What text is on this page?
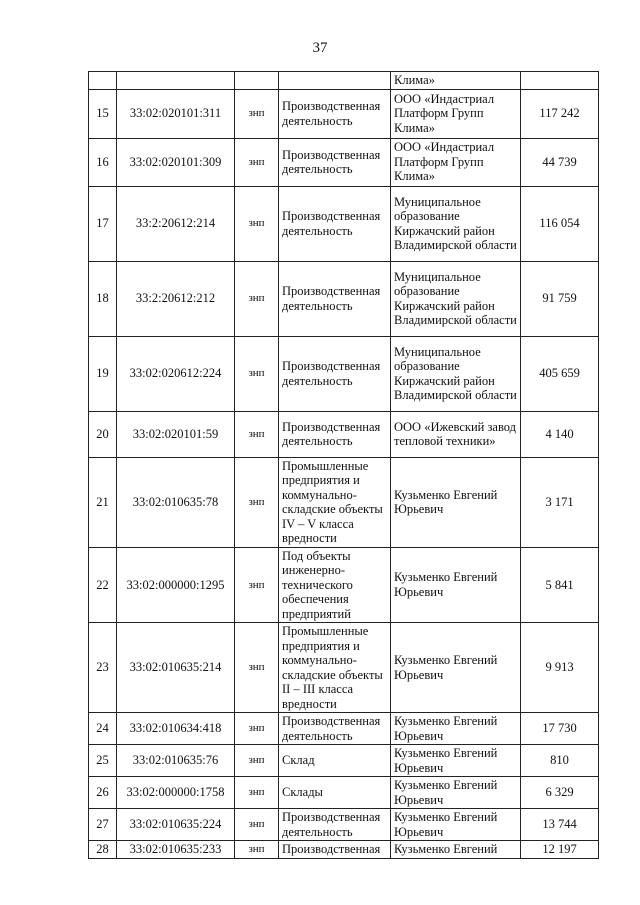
37
				Клима»	
15	33:02:020101:311	знп	Производственная деятельность	ООО «Индастриал Платформ Групп Клима»	117 242
16	33:02:020101:309	знп	Производственная деятельность	ООО «Индастриал Платформ Групп Клима»	44 739
17	33:2:20612:214	знп	Производственная деятельность	Муниципальное образование Киржачский район Владимирской области	116 054
18	33:2:20612:212	знп	Производственная деятельность	Муниципальное образование Киржачский район Владимирской области	91 759
19	33:02:020612:224	знп	Производственная деятельность	Муниципальное образование Киржачский район Владимирской области	405 659
20	33:02:020101:59	знп	Производственная деятельность	ООО «Ижевский завод тепловой техники»	4 140
21	33:02:010635:78	знп	Промышленные предприятия и коммунально-складские объекты IV – V класса вредности	Кузьменко Евгений Юрьевич	3 171
22	33:02:000000:1295	знп	Под объекты инженерно-технического обеспечения предприятий	Кузьменко Евгений Юрьевич	5 841
23	33:02:010635:214	знп	Промышленные предприятия и коммунально-складские объекты II – III класса вредности	Кузьменко Евгений Юрьевич	9 913
24	33:02:010634:418	знп	Производственная деятельность	Кузьменко Евгений Юрьевич	17 730
25	33:02:010635:76	знп	Склад	Кузьменко Евгений Юрьевич	810
26	33:02:000000:1758	знп	Склады	Кузьменко Евгений Юрьевич	6 329
27	33:02:010635:224	знп	Производственная деятельность	Кузьменко Евгений Юрьевич	13 744
28	33:02:010635:233	знп	Производственная	Кузьменко Евгений	12 197
